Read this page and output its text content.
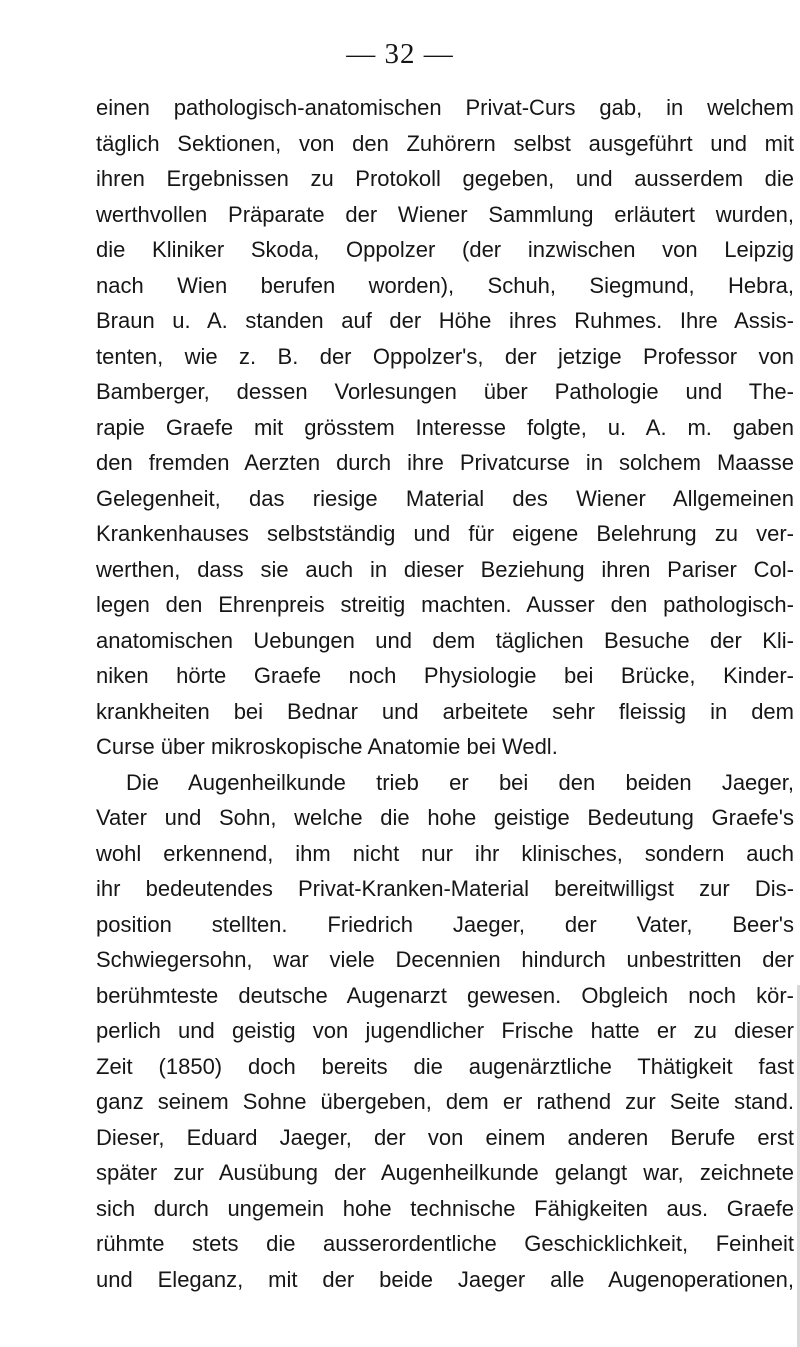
— 32 —
einen pathologisch-anatomischen Privat-Curs gab, in welchem
täglich Sektionen, von den Zuhörern selbst ausgeführt und mit
ihren Ergebnissen zu Protokoll gegeben, und ausserdem die
werthvollen Präparate der Wiener Sammlung erläutert wurden,
die Kliniker Skoda, Oppolzer (der inzwischen von Leipzig
nach Wien berufen worden), Schuh, Siegmund, Hebra,
Braun u. A. standen auf der Höhe ihres Ruhmes. Ihre Assis-
tenten, wie z. B. der Oppolzer's, der jetzige Professor von
Bamberger, dessen Vorlesungen über Pathologie und The-
rapie Graefe mit grösstem Interesse folgte, u. A. m. gaben
den fremden Aerzten durch ihre Privatcurse in solchem Maasse
Gelegenheit, das riesige Material des Wiener Allgemeinen
Krankenhauses selbstständig und für eigene Belehrung zu ver-
werthen, dass sie auch in dieser Beziehung ihren Pariser Col-
legen den Ehrenpreis streitig machten. Ausser den pathologisch-
anatomischen Uebungen und dem täglichen Besuche der Kli-
niken hörte Graefe noch Physiologie bei Brücke, Kinder-
krankheiten bei Bednar und arbeitete sehr fleissig in dem
Curse über mikroskopische Anatomie bei Wedl.
Die Augenheilkunde trieb er bei den beiden Jaeger,
Vater und Sohn, welche die hohe geistige Bedeutung Graefe's
wohl erkennend, ihm nicht nur ihr klinisches, sondern auch
ihr bedeutendes Privat-Kranken-Material bereitwilligst zur Dis-
position stellten. Friedrich Jaeger, der Vater, Beer's
Schwiegersohn, war viele Decennien hindurch unbestritten der
berühmteste deutsche Augenarzt gewesen. Obgleich noch kör-
perlich und geistig von jugendlicher Frische hatte er zu dieser
Zeit (1850) doch bereits die augenärztliche Thätigkeit fast
ganz seinem Sohne übergeben, dem er rathend zur Seite stand.
Dieser, Eduard Jaeger, der von einem anderen Berufe erst
später zur Ausübung der Augenheilkunde gelangt war, zeichnete
sich durch ungemein hohe technische Fähigkeiten aus. Graefe
rühmte stets die ausserordentliche Geschicklichkeit, Feinheit
und Eleganz, mit der beide Jaeger alle Augenoperationen,
